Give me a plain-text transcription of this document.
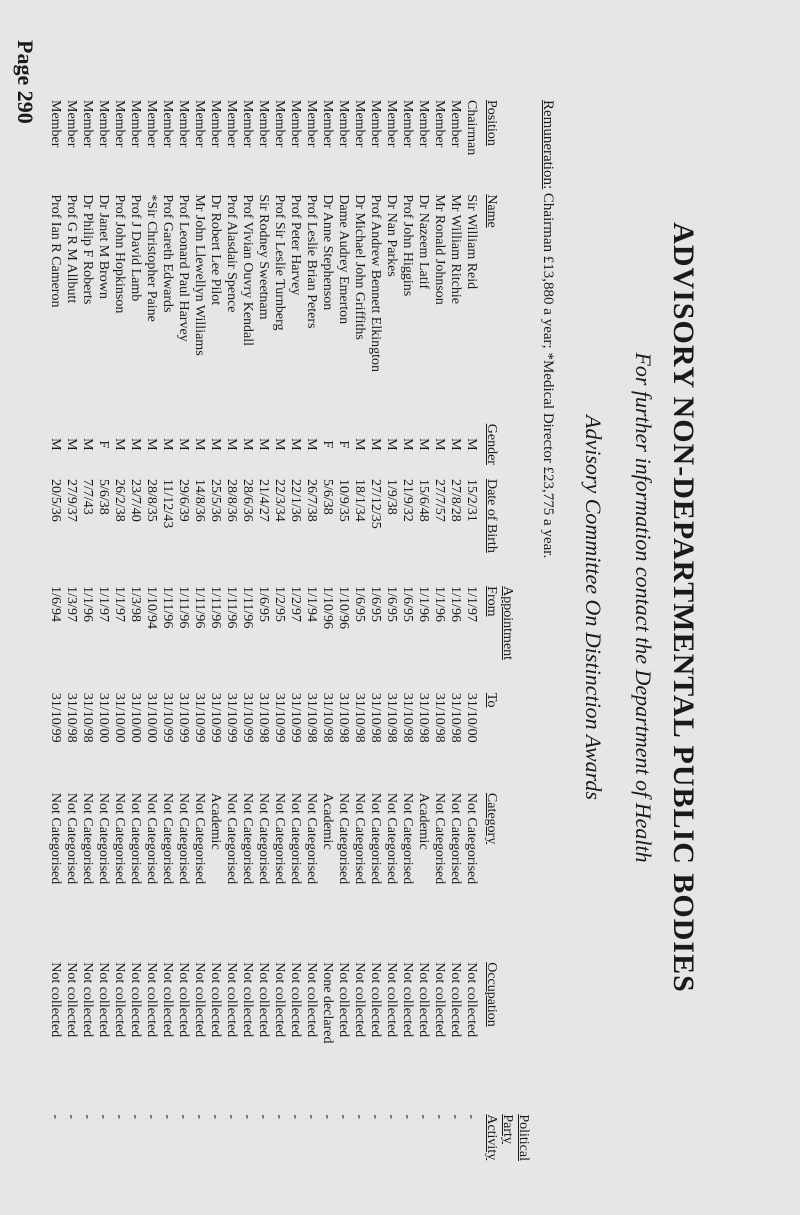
ADVISORY NON-DEPARTMENTAL PUBLIC BODIES
For further information contact the Department of Health
Advisory Committee On Distinction Awards
Remuneration: Chairman £13,880 a year; *Medical Director £23,775 a year.
Position	Name	Gender	Date of Birth	Appointment From	To	Category	Occupation	Political Party Activity
Chairman	Sir William Reid	M	15/2/31	1/1/97	31/10/00	Not Categorised	Not collected	-
Member	Mr William Ritchie	M	27/8/28	1/1/96	31/10/98	Not Categorised	Not collected	-
Member	Mr Ronald Johnson	M	27/7/57	1/1/96	31/10/98	Not Categorised	Not collected	-
Member	Dr Nazeem Latif	M	15/6/48	1/1/96	31/10/98	Academic	Not collected	-
Member	Prof John Higgins	M	21/9/32	1/6/95	31/10/98	Not Categorised	Not collected	-
Member	Dr Nan Parkes	M	1/9/38	1/6/95	31/10/98	Not Categorised	Not collected	-
Member	Prof Andrew Bennett Elkington	M	27/12/35	1/6/95	31/10/98	Not Categorised	Not collected	-
Member	Dr Michael John Griffiths	M	18/1/34	1/6/95	31/10/98	Not Categorised	Not collected	-
Member	Dame Audrey Emerton	F	10/9/35	1/10/96	31/10/98	Not Categorised	Not collected	-
Member	Dr Anne Stephenson	F	5/6/38	1/10/96	31/10/98	Academic	None declared	-
Member	Prof Leslie Brian Peters	M	26/7/38	1/1/94	31/10/98	Not Categorised	Not collected	-
Member	Prof Peter Harvey	M	22/1/36	1/2/97	31/10/99	Not Categorised	Not collected	-
Member	Prof Sir Leslie Turnberg	M	22/3/34	1/2/95	31/10/99	Not Categorised	Not collected	-
Member	Sir Rodney Sweetnam	M	21/4/27	1/6/95	31/10/98	Not Categorised	Not collected	-
Member	Prof Vivian Ouvry Kendall	M	28/6/36	1/11/96	31/10/99	Not Categorised	Not collected	-
Member	Prof Alasdair Spence	M	28/8/36	1/11/96	31/10/99	Not Categorised	Not collected	-
Member	Dr Robert Lee Pilot	M	25/5/36	1/11/96	31/10/99	Academic	Not collected	-
Member	Mr John Llewellyn Williams	M	14/8/36	1/11/96	31/10/99	Not Categorised	Not collected	-
Member	Prof Leonard Paul Harvey	M	29/6/39	1/11/96	31/10/99	Not Categorised	Not collected	-
Member	Prof Gareth Edwards	M	11/12/43	1/11/96	31/10/99	Not Categorised	Not collected	-
Member	*Sir Christopher Paine	M	28/8/35	1/10/94	31/10/00	Not Categorised	Not collected	-
Member	Prof J David Lamb	M	23/7/40	1/3/98	31/10/00	Not Categorised	Not collected	-
Member	Prof John Hopkinson	M	26/2/38	1/1/97	31/10/00	Not Categorised	Not collected	-
Member	Dr Janet M Brown	F	5/6/38	1/1/97	31/10/00	Not Categorised	Not collected	-
Member	Dr Philip F Roberts	M	7/7/43	1/1/96	31/10/98	Not Categorised	Not collected	-
Member	Prof G R M Allbutt	M	27/9/37	1/3/97	31/10/98	Not Categorised	Not collected	-
Member	Prof Ian R Cameron	M	20/5/36	1/6/94	31/10/99	Not Categorised	Not collected	-
Page 290
